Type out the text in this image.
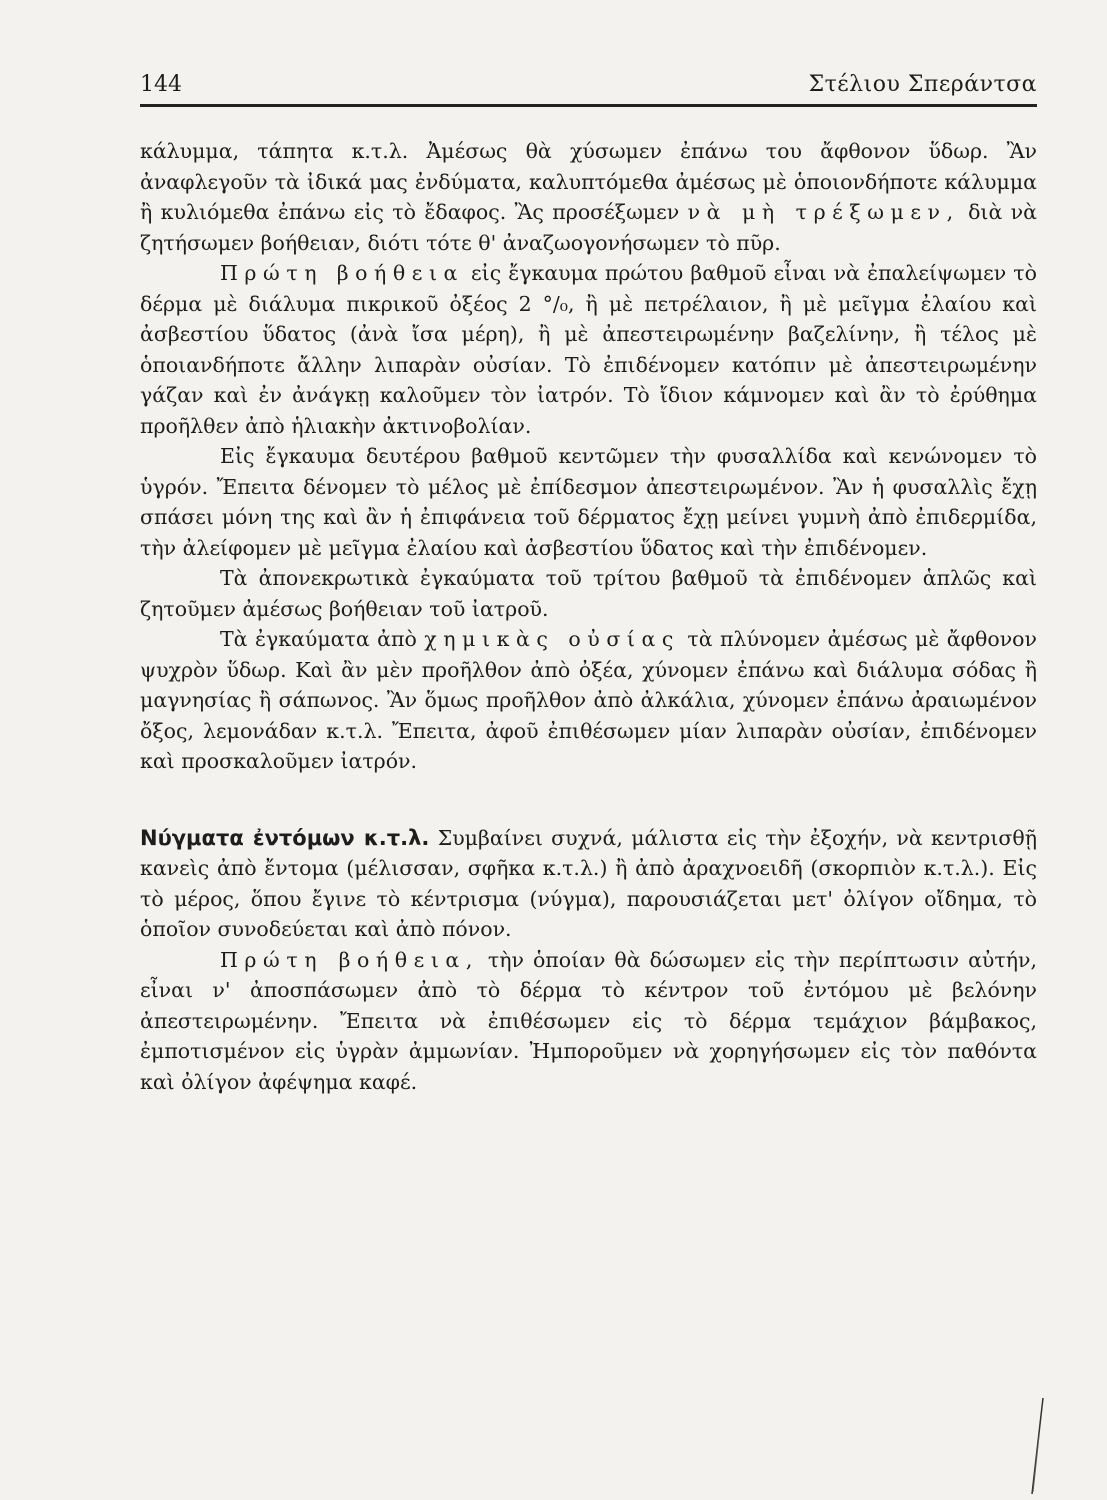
144	Στέλιου Σπεράντσα

κάλυμμα, τάπητα κ.τ.λ. Ἀμέσως θὰ χύσωμεν ἐπάνω του ἄφθονον ὕδωρ. Ἂν ἀναφλεγοῦν τὰ ἰδικά μας ἐνδύματα, καλυπτόμεθα ἀμέσως μὲ ὁποιονδήποτε κάλυμμα ἢ κυλιόμεθα ἐπάνω εἰς τὸ ἔδαφος. Ἂς προσέξωμεν νὰ μὴ τρέξωμεν, διὰ νὰ ζητήσωμεν βοήθειαν, διότι τότε θ' ἀναζωογονήσωμεν τὸ πῦρ.

Πρώτη βοήθεια εἰς ἔγκαυμα πρώτου βαθμοῦ εἶναι νὰ ἐπαλείψωμεν τὸ δέρμα μὲ διάλυμα πικρικοῦ ὀξέος 2 °/₀, ἢ μὲ πετρέλαιον, ἢ μὲ μεῖγμα ἐλαίου καὶ ἀσβεστίου ὕδατος (ἀνὰ ἴσα μέρη), ἢ μὲ ἀπεστειρωμένην βαζελίνην, ἢ τέλος μὲ ὁποιανδήποτε ἄλλην λιπαρὰν οὐσίαν. Τὸ ἐπιδένομεν κατόπιν μὲ ἀπεστειρωμένην γάζαν καὶ ἐν ἀνάγκῃ καλοῦμεν τὸν ἰατρόν. Τὸ ἴδιον κάμνομεν καὶ ἂν τὸ ἐρύθημα προῆλθεν ἀπὸ ἡλιακὴν ἀκτινοβολίαν.

Εἰς ἔγκαυμα δευτέρου βαθμοῦ κεντῶμεν τὴν φυσαλλίδα καὶ κενώνομεν τὸ ὑγρόν. Ἔπειτα δένομεν τὸ μέλος μὲ ἐπίδεσμον ἀπεστειρωμένον. Ἂν ἡ φυσαλλὶς ἔχῃ σπάσει μόνη της καὶ ἂν ἡ ἐπιφάνεια τοῦ δέρματος ἔχῃ μείνει γυμνὴ ἀπὸ ἐπιδερμίδα, τὴν ἀλείφομεν μὲ μεῖγμα ἐλαίου καὶ ἀσβεστίου ὕδατος καὶ τὴν ἐπιδένομεν.

Τὰ ἀπονεκρωτικὰ ἐγκαύματα τοῦ τρίτου βαθμοῦ τὰ ἐπιδένομεν ἁπλῶς καὶ ζητοῦμεν ἀμέσως βοήθειαν τοῦ ἰατροῦ.

Τὰ ἐγκαύματα ἀπὸ χημικὰς οὐσίας τὰ πλύνομεν ἀμέσως μὲ ἄφθονον ψυχρὸν ὕδωρ. Καὶ ἂν μὲν προῆλθον ἀπὸ ὀξέα, χύνομεν ἐπάνω καὶ διάλυμα σόδας ἢ μαγνησίας ἢ σάπωνος. Ἂν ὅμως προῆλθον ἀπὸ ἀλκάλια, χύνομεν ἐπάνω ἀραιωμένον ὄξος, λεμονάδαν κ.τ.λ. Ἔπειτα, ἀφοῦ ἐπιθέσωμεν μίαν λιπαρὰν οὐσίαν, ἐπιδένομεν καὶ προσκαλοῦμεν ἰατρόν.

Νύγματα ἐντόμων κ.τ.λ. Συμβαίνει συχνά, μάλιστα εἰς τὴν ἐξοχήν, νὰ κεντρισθῇ κανεὶς ἀπὸ ἔντομα (μέλισσαν, σφῆκα κ.τ.λ.) ἢ ἀπὸ ἀραχνοειδῆ (σκορπιὸν κ.τ.λ.). Εἰς τὸ μέρος, ὅπου ἔγινε τὸ κέντρισμα (νύγμα), παρουσιάζεται μετ' ὀλίγον οἴδημα, τὸ ὁποῖον συνοδεύεται καὶ ἀπὸ πόνον.

Πρώτη βοήθεια, τὴν ὁποίαν θὰ δώσωμεν εἰς τὴν περίπτωσιν αὐτήν, εἶναι ν' ἀποσπάσωμεν ἀπὸ τὸ δέρμα τὸ κέντρον τοῦ ἐντόμου μὲ βελόνην ἀπεστειρωμένην. Ἔπειτα νὰ ἐπιθέσωμεν εἰς τὸ δέρμα τεμάχιον βάμβακος, ἐμποτισμένον εἰς ὑγρὰν ἀμμωνίαν. Ἠμποροῦμεν νὰ χορηγήσωμεν εἰς τὸν παθόντα καὶ ὀλίγον ἀφέψημα καφέ.
